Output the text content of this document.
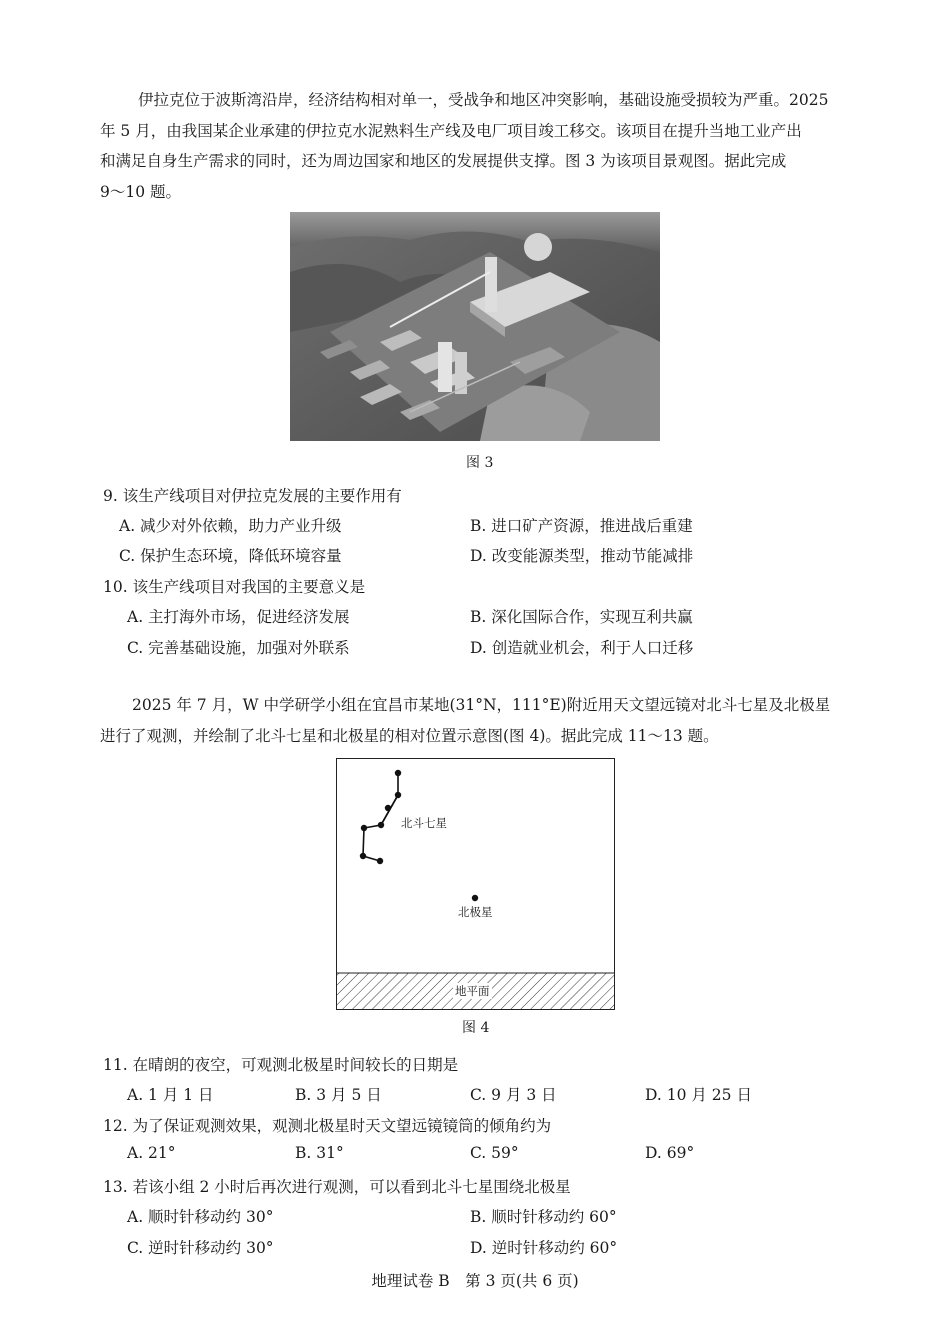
伊拉克位于波斯湾沿岸，经济结构相对单一，受战争和地区冲突影响，基础设施受损较为严重。2025
年 5 月，由我国某企业承建的伊拉克水泥熟料生产线及电厂项目竣工移交。该项目在提升当地工业产出
和满足自身生产需求的同时，还为周边国家和地区的发展提供支撑。图 3 为该项目景观图。据此完成
9～10 题。
图 3
9. 该生产线项目对伊拉克发展的主要作用有
A. 减少对外依赖，助力产业升级	B. 进口矿产资源，推进战后重建
C. 保护生态环境，降低环境容量	D. 改变能源类型，推动节能减排
10. 该生产线项目对我国的主要意义是
A. 主打海外市场，促进经济发展	B. 深化国际合作，实现互利共赢
C. 完善基础设施，加强对外联系	D. 创造就业机会，利于人口迁移
2025 年 7 月，W 中学研学小组在宜昌市某地(31°N，111°E)附近用天文望远镜对北斗七星及北极星
进行了观测，并绘制了北斗七星和北极星的相对位置示意图(图 4)。据此完成 11～13 题。
北斗七星
北极星
地平面
图 4
11. 在晴朗的夜空，可观测北极星时间较长的日期是
A. 1 月 1 日	B. 3 月 5 日	C. 9 月 3 日	D. 10 月 25 日
12. 为了保证观测效果，观测北极星时天文望远镜镜筒的倾角约为
A. 21°	B. 31°	C. 59°	D. 69°
13. 若该小组 2 小时后再次进行观测，可以看到北斗七星围绕北极星
A. 顺时针移动约 30°	B. 顺时针移动约 60°
C. 逆时针移动约 30°	D. 逆时针移动约 60°
地理试卷 B　第 3 页(共 6 页)
